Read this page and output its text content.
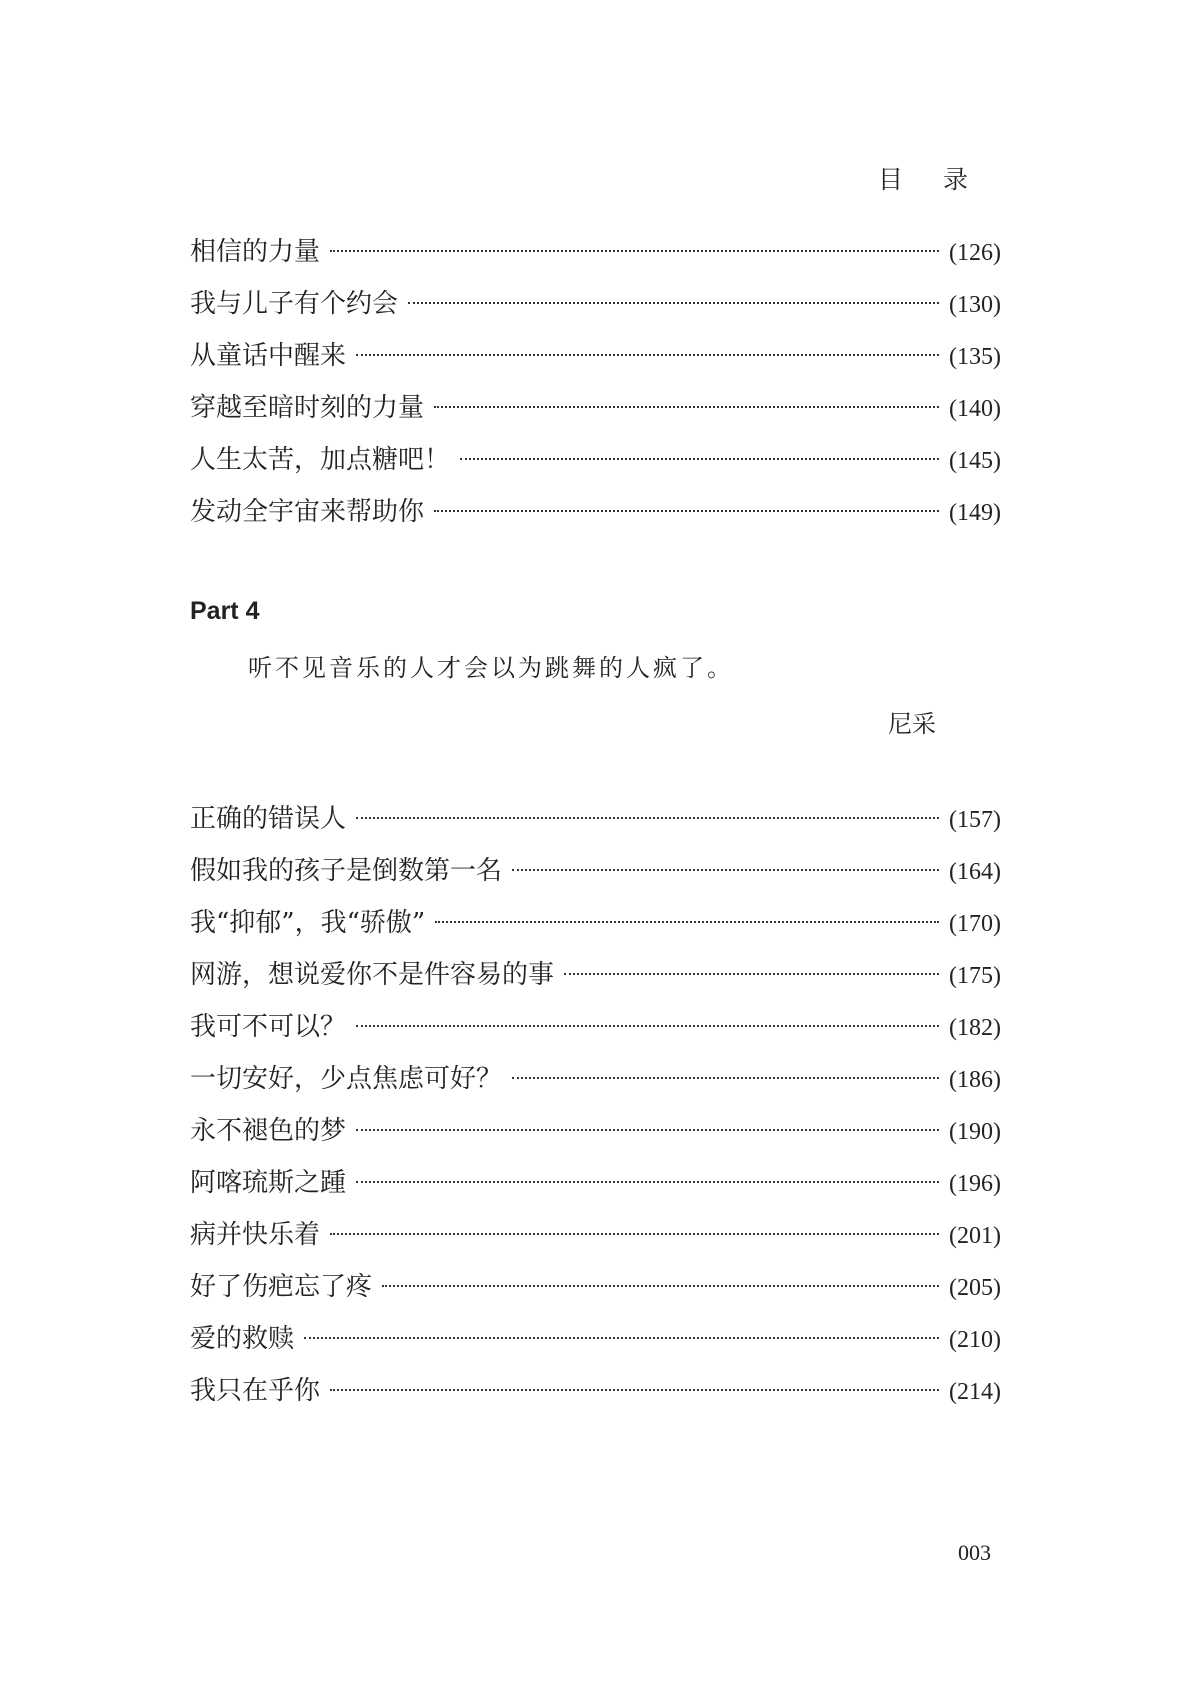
目 录
相信的力量	(126)
我与儿子有个约会	(130)
从童话中醒来	(135)
穿越至暗时刻的力量	(140)
人生太苦，加点糖吧！	(145)
发动全宇宙来帮助你	(149)
Part 4
听不见音乐的人才会以为跳舞的人疯了。
尼采
正确的错误人	(157)
假如我的孩子是倒数第一名	(164)
我“抑郁”，我“骄傲”	(170)
网游，想说爱你不是件容易的事	(175)
我可不可以？	(182)
一切安好，少点焦虑可好？	(186)
永不褪色的梦	(190)
阿喀琉斯之踵	(196)
病并快乐着	(201)
好了伤疤忘了疼	(205)
爱的救赎	(210)
我只在乎你	(214)
003
